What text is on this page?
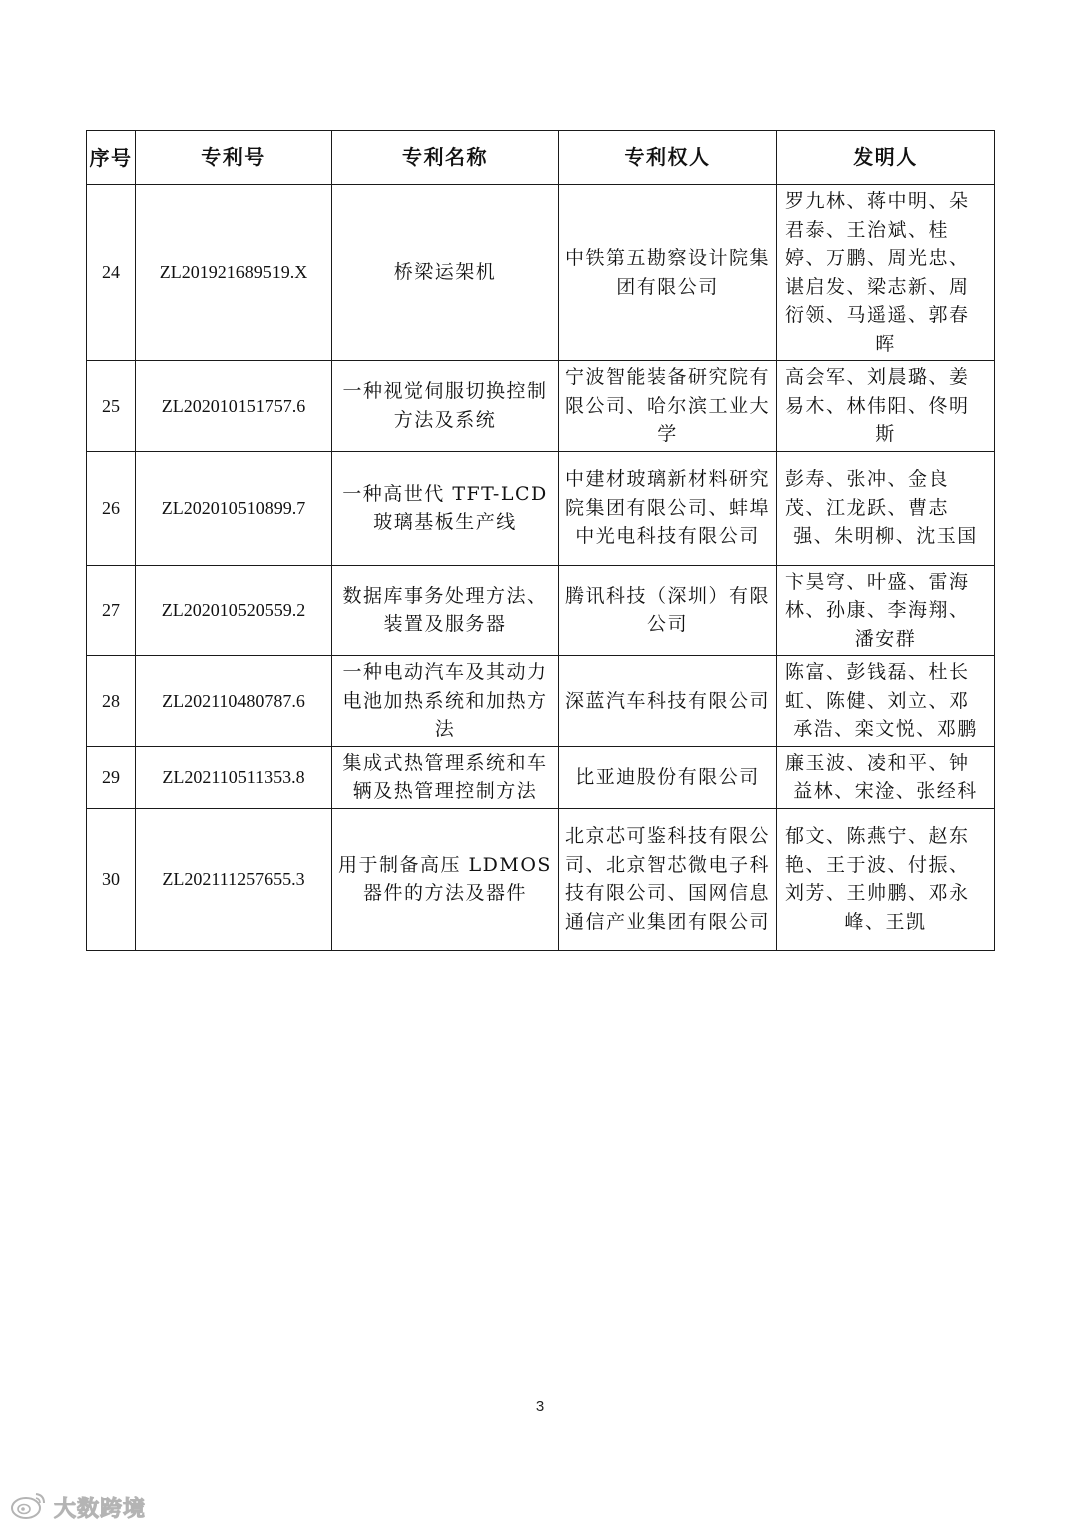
序号	专利号	专利名称	专利权人	发明人
24	ZL201921689519.X	桥梁运架机	中铁第五勘察设计院集团有限公司	罗九林、蒋中明、朵君泰、王治斌、桂婷、万鹏、周光忠、谌启发、梁志新、周衍领、马遥遥、郭春晖
25	ZL202010151757.6	一种视觉伺服切换控制方法及系统	宁波智能装备研究院有限公司、哈尔滨工业大学	高会军、刘晨璐、姜易木、林伟阳、佟明斯
26	ZL202010510899.7	一种高世代 TFT-LCD 玻璃基板生产线	中建材玻璃新材料研究院集团有限公司、蚌埠中光电科技有限公司	彭寿、张冲、金良茂、江龙跃、曹志强、朱明柳、沈玉国
27	ZL202010520559.2	数据库事务处理方法、装置及服务器	腾讯科技（深圳）有限公司	卞昊穹、叶盛、雷海林、孙康、李海翔、潘安群
28	ZL202110480787.6	一种电动汽车及其动力电池加热系统和加热方法	深蓝汽车科技有限公司	陈富、彭钱磊、杜长虹、陈健、刘立、邓承浩、栾文悦、邓鹏
29	ZL202110511353.8	集成式热管理系统和车辆及热管理控制方法	比亚迪股份有限公司	廉玉波、凌和平、钟益林、宋淦、张经科
30	ZL202111257655.3	用于制备高压 LDMOS 器件的方法及器件	北京芯可鉴科技有限公司、北京智芯微电子科技有限公司、国网信息通信产业集团有限公司	郁文、陈燕宁、赵东艳、王于波、付振、刘芳、王帅鹏、邓永峰、王凯
3
大数跨境
